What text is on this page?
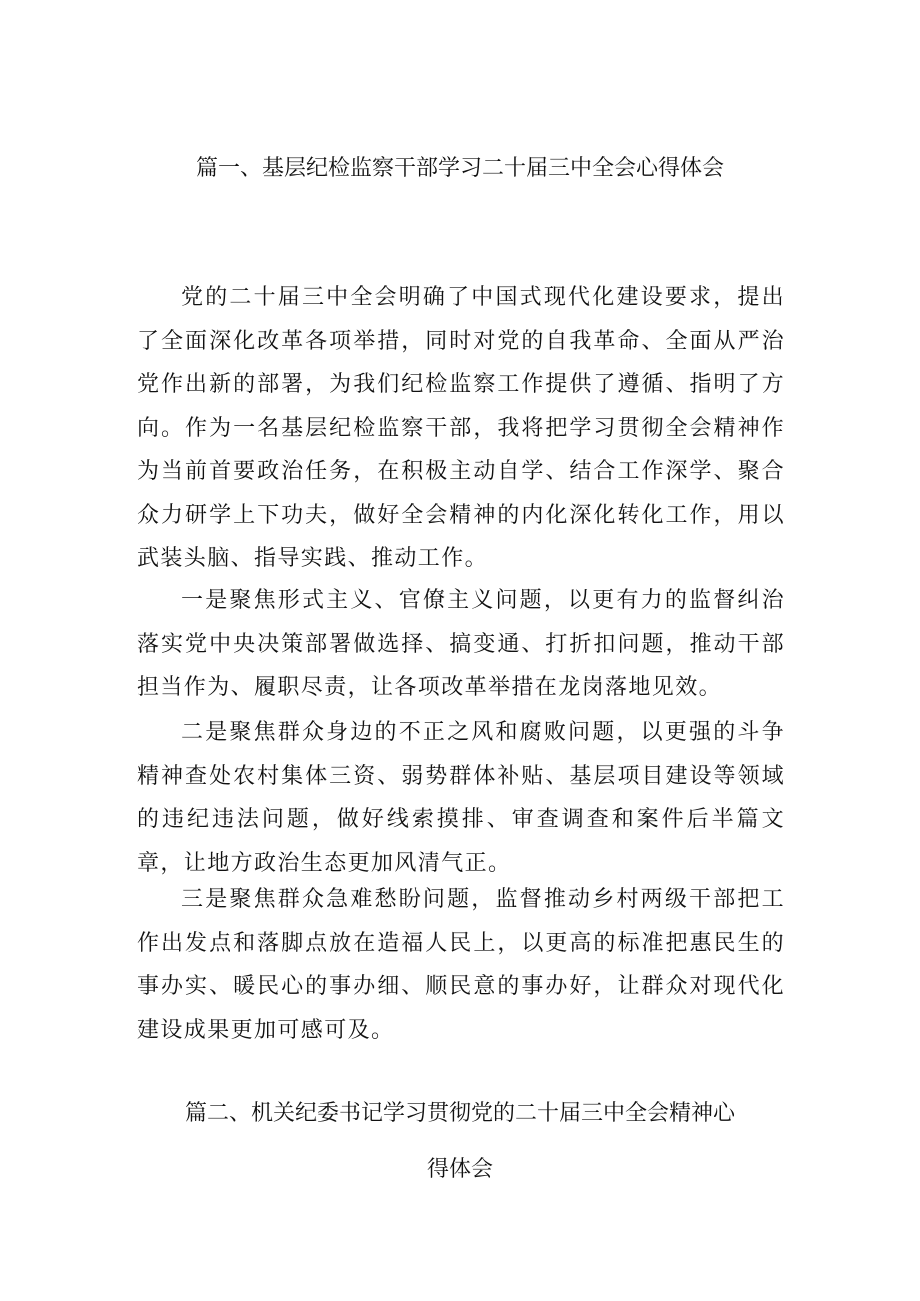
篇一、基层纪检监察干部学习二十届三中全会心得体会

党的二十届三中全会明确了中国式现代化建设要求，提出了全面深化改革各项举措，同时对党的自我革命、全面从严治党作出新的部署，为我们纪检监察工作提供了遵循、指明了方向。作为一名基层纪检监察干部，我将把学习贯彻全会精神作为当前首要政治任务，在积极主动自学、结合工作深学、聚合众力研学上下功夫，做好全会精神的内化深化转化工作，用以武装头脑、指导实践、推动工作。

一是聚焦形式主义、官僚主义问题，以更有力的监督纠治落实党中央决策部署做选择、搞变通、打折扣问题，推动干部担当作为、履职尽责，让各项改革举措在龙岗落地见效。

二是聚焦群众身边的不正之风和腐败问题，以更强的斗争精神查处农村集体三资、弱势群体补贴、基层项目建设等领域的违纪违法问题，做好线索摸排、审查调查和案件后半篇文章，让地方政治生态更加风清气正。

三是聚焦群众急难愁盼问题，监督推动乡村两级干部把工作出发点和落脚点放在造福人民上，以更高的标准把惠民生的事办实、暖民心的事办细、顺民意的事办好，让群众对现代化建设成果更加可感可及。

篇二、机关纪委书记学习贯彻党的二十届三中全会精神心
得体会
